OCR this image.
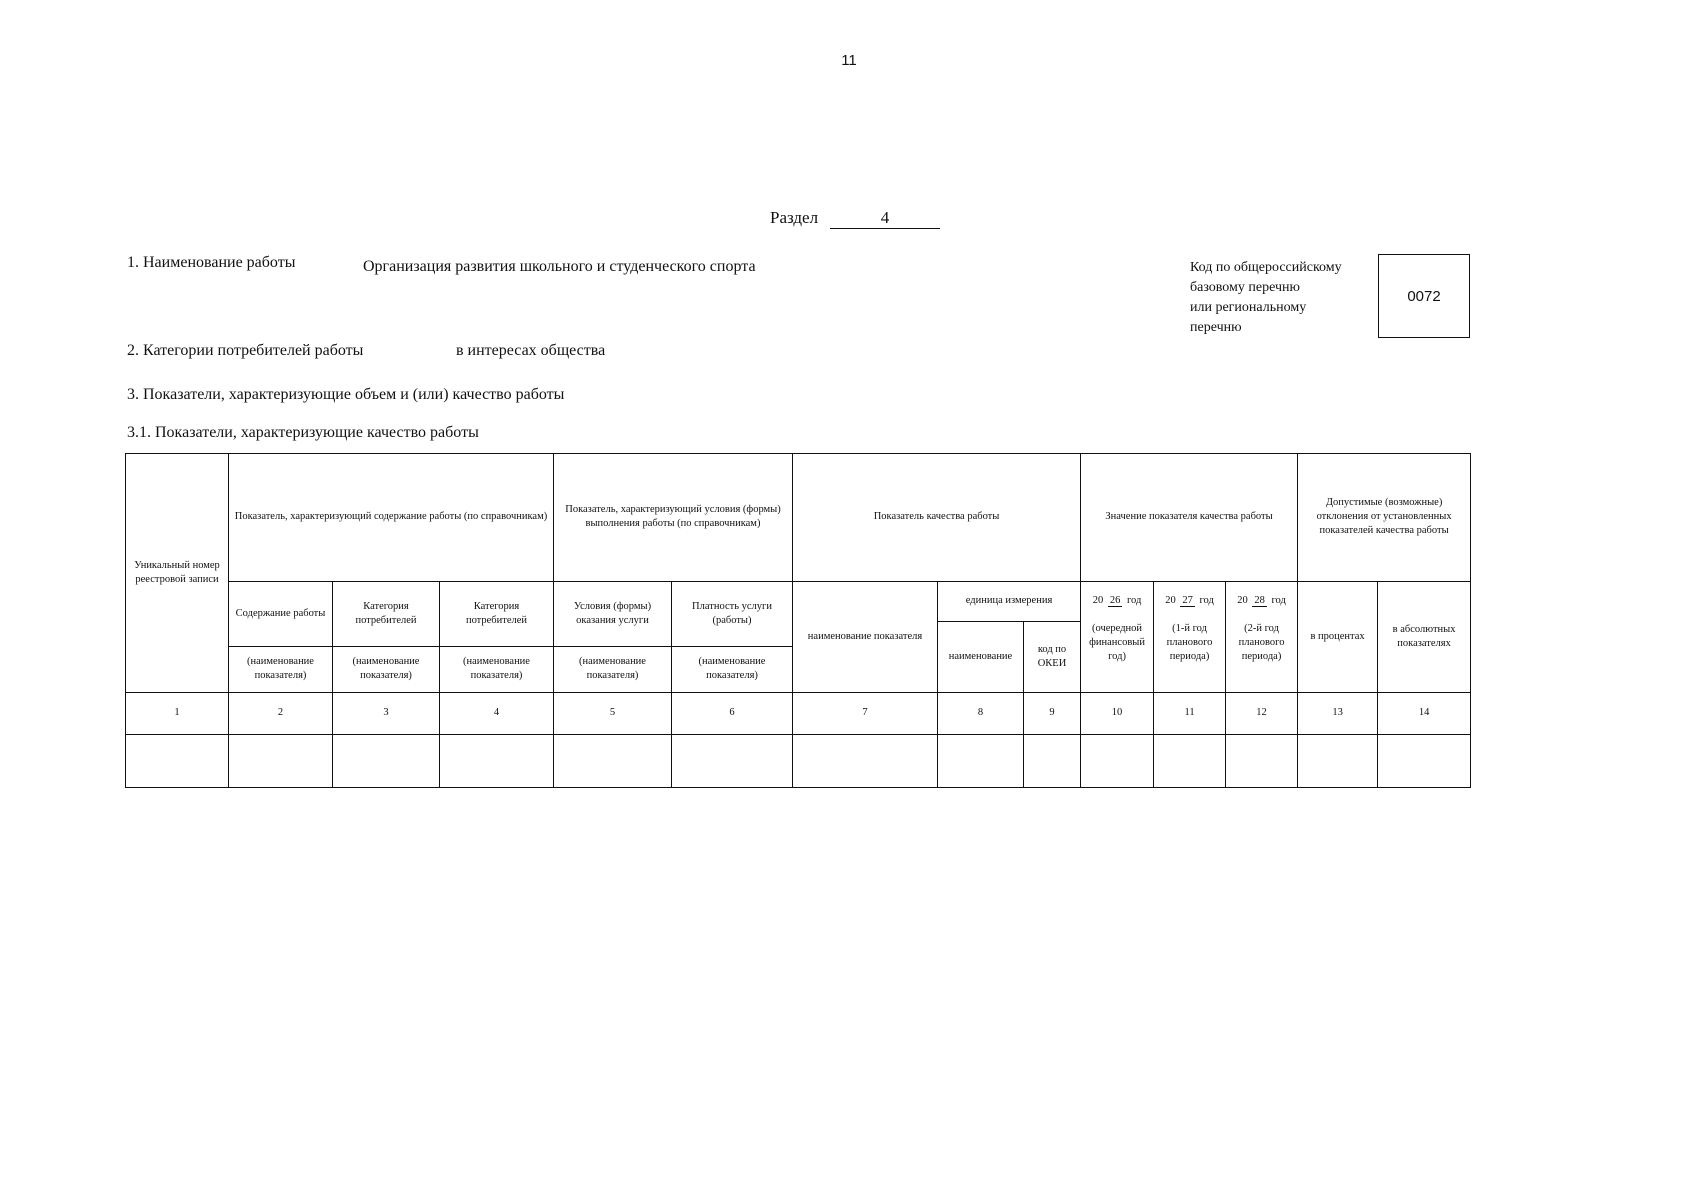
11
Раздел	4
1. Наименование работы	Организация развития школьного и студенческого спорта	Код по общероссийскому
базовому перечню
или региональному
перечню
0072
2. Категории потребителей работы	в интересах общества
3. Показатели, характеризующие объем и (или) качество работы
3.1. Показатели, характеризующие качество работы
Уникальный номер реестровой записи	Показатель, характеризующий содержание работы (по справочникам)			Показатель, характеризующий условия (формы) выполнения работы (по справочникам)		Показатель качества работы			Значение показателя качества работы			Допустимые (возможные) отклонения от установленных показателей качества работы	
	Содержание работы	Категория потребителей	Категория потребителей	Условия (формы) оказания услуги	Платность услуги (работы)	наименование показателя	единица измерения		20 26 год	20 27 год	20 28 год	в процентах	в абсолютных показателях
							наименование	код по ОКЕИ	(очередной финансовый год)	(1-й год планового периода)	(2-й год планового периода)		
	(наименование показателя)	(наименование показателя)	(наименование показателя)	(наименование показателя)	(наименование показателя)								
1	2	3	4	5	6	7	8	9	10	11	12	13	14
